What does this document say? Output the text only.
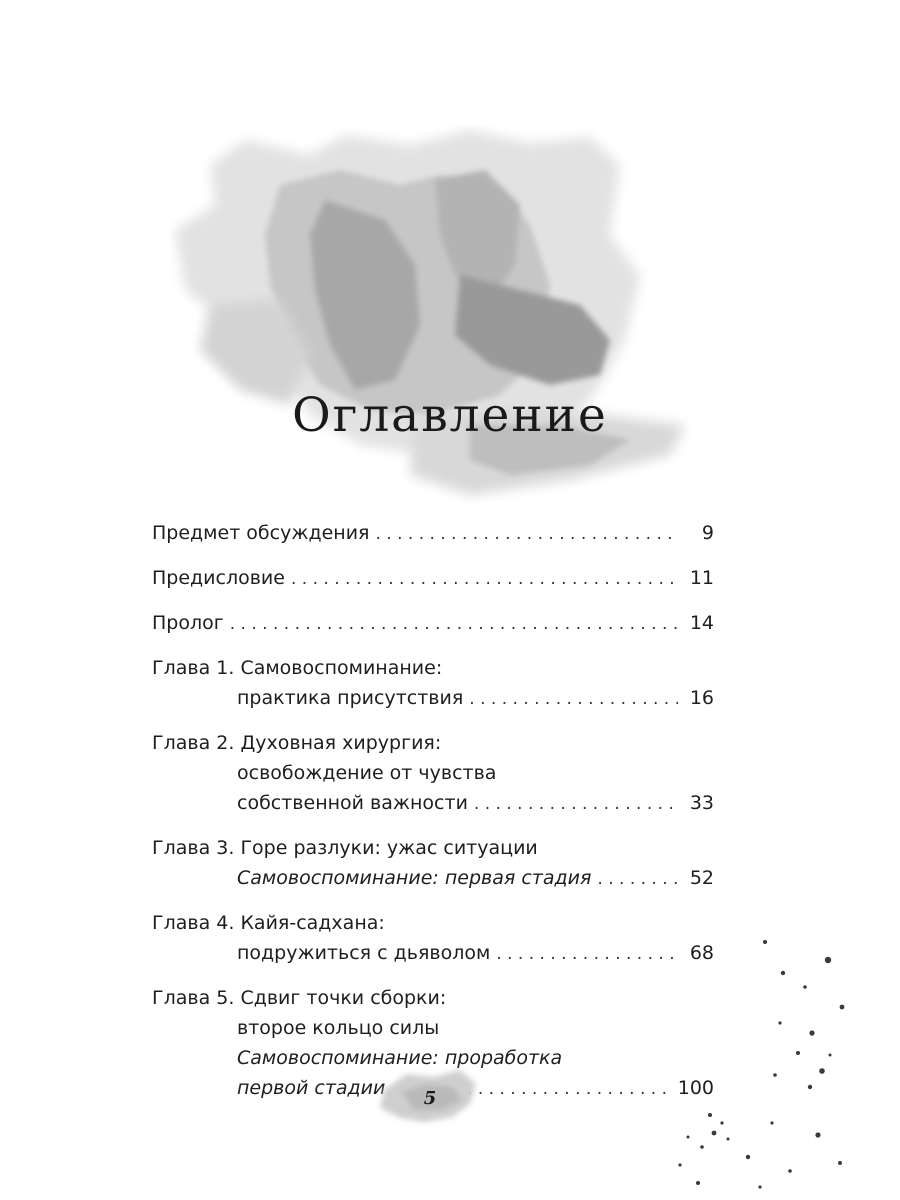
Оглавление
Предмет обсуждения . . .	9
Предисловие . . .	11
Пролог . . .	14
Глава 1.
Самовоспоминание:
практика присутствия . . .	16
Глава 2.
Духовная хирургия:
освобождение от чувства
собственной важности . . .	33
Глава 3.
Горе разлуки: ужас ситуации
Самовоспоминание: первая стадия . . .	52
Глава 4.
Кайя-садхана:
подружиться с дьяволом . . .	68
Глава 5.
Сдвиг точки сборки:
второе кольцо силы
Самовоспоминание: проработка
первой стадии . . .	100
5
